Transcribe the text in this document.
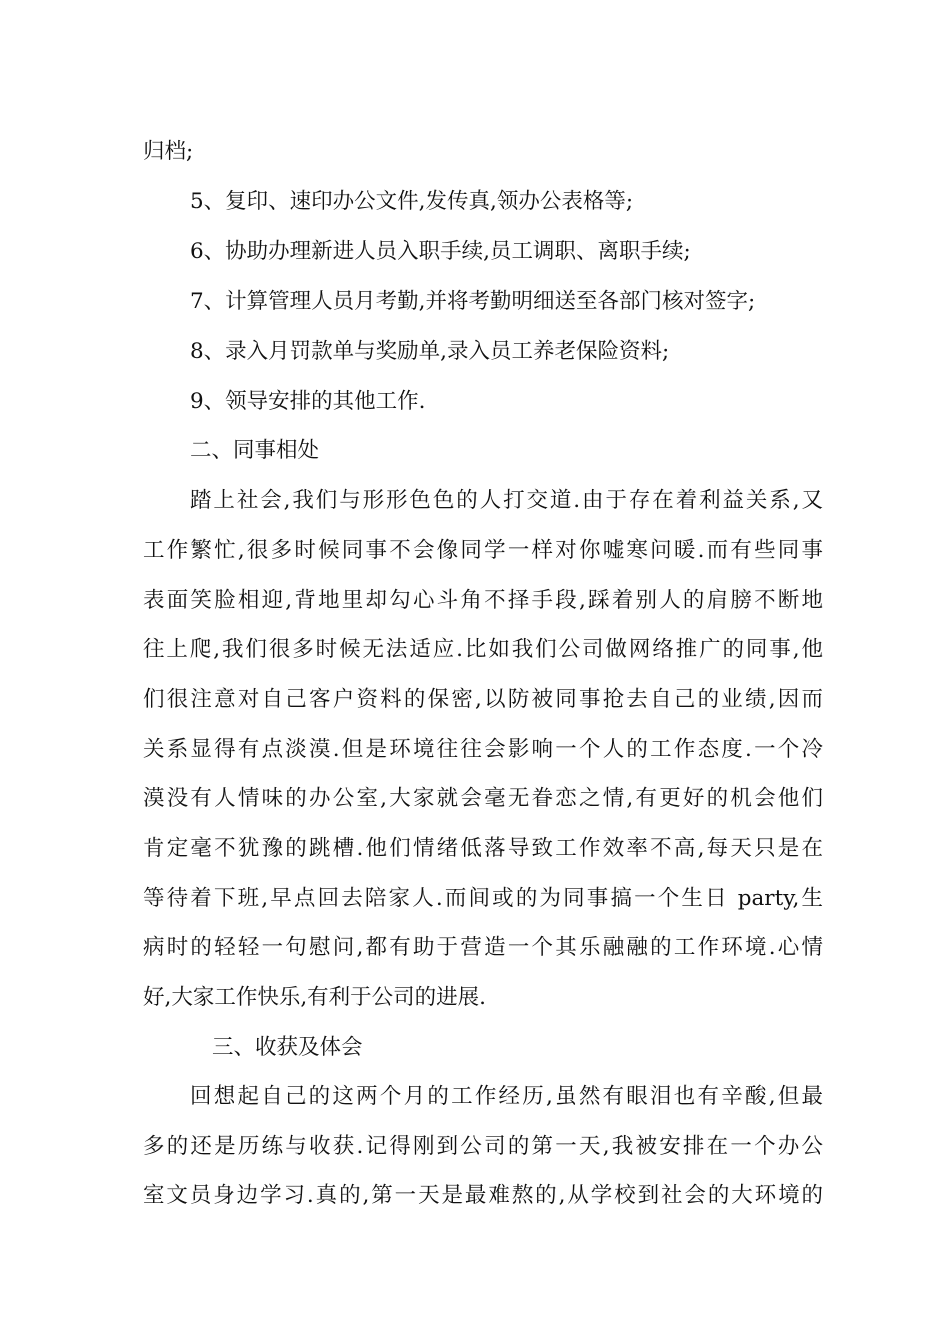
归档;
5、复印、速印办公文件,发传真,领办公表格等;
6、协助办理新进人员入职手续,员工调职、离职手续;
7、计算管理人员月考勤,并将考勤明细送至各部门核对签字;
8、录入月罚款单与奖励单,录入员工养老保险资料;
9、领导安排的其他工作.
二、同事相处
踏上社会,我们与形形色色的人打交道.由于存在着利益关系,又
工作繁忙,很多时候同事不会像同学一样对你嘘寒问暖.而有些同事
表面笑脸相迎,背地里却勾心斗角不择手段,踩着别人的肩膀不断地
往上爬,我们很多时候无法适应.比如我们公司做网络推广的同事,他
们很注意对自己客户资料的保密,以防被同事抢去自己的业绩,因而
关系显得有点淡漠.但是环境往往会影响一个人的工作态度.一个冷
漠没有人情味的办公室,大家就会毫无眷恋之情,有更好的机会他们
肯定毫不犹豫的跳槽.他们情绪低落导致工作效率不高,每天只是在
等待着下班,早点回去陪家人.而间或的为同事搞一个生日 party,生
病时的轻轻一句慰问,都有助于营造一个其乐融融的工作环境.心情
好,大家工作快乐,有利于公司的进展.
三、收获及体会
回想起自己的这两个月的工作经历,虽然有眼泪也有辛酸,但最
多的还是历练与收获.记得刚到公司的第一天,我被安排在一个办公
室文员身边学习.真的,第一天是最难熬的,从学校到社会的大环境的
